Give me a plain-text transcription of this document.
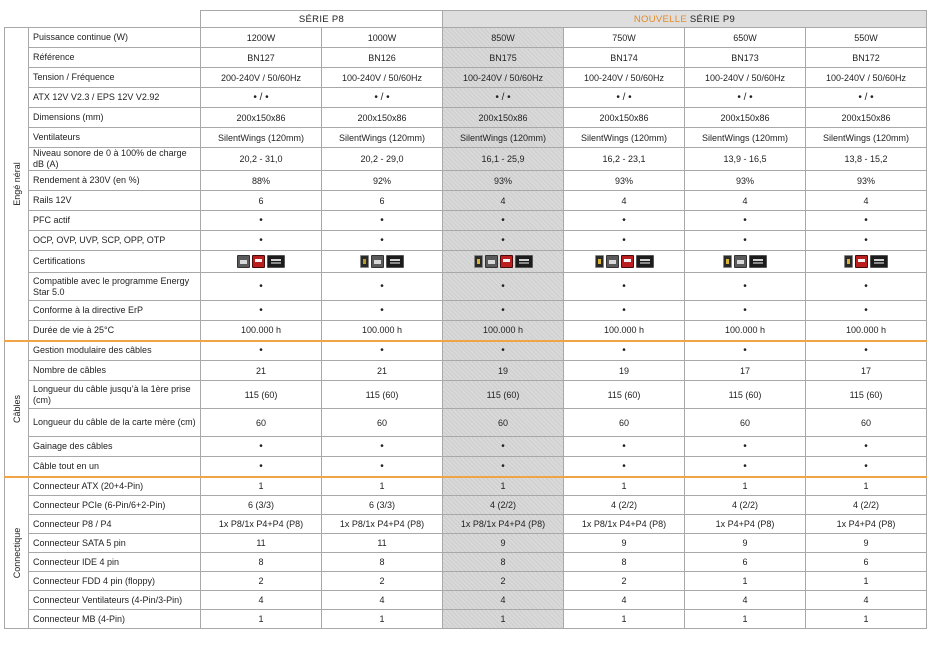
		SÉRIE P8		NOUVELLE SÉRIE P9			

Engé néral	Puissance continue (W)	1200W	1000W	850W	750W	650W	550W
	Référence	BN127	BN126	BN175	BN174	BN173	BN172
	Tension / Fréquence	200-240V / 50/60Hz	100-240V / 50/60Hz	100-240V / 50/60Hz	100-240V / 50/60Hz	100-240V / 50/60Hz	100-240V / 50/60Hz
	ATX 12V V2.3 / EPS 12V V2.92	• / •	• / •	• / •	• / •	• / •	• / •
	Dimensions (mm)	200x150x86	200x150x86	200x150x86	200x150x86	200x150x86	200x150x86
	Ventilateurs	SilentWings (120mm)	SilentWings (120mm)	SilentWings (120mm)	SilentWings (120mm)	SilentWings (120mm)	SilentWings (120mm)
	Niveau sonore de 0 à 100% de charge dB (A)	20,2 - 31,0	20,2 - 29,0	16,1 - 25,9	16,2 - 23,1	13,9 - 16,5	13,8 - 15,2
	Rendement à 230V (en %)	88%	92%	93%	93%	93%	93%
	Rails 12V	6	6	4	4	4	4
	PFC actif	•	•	•	•	•	•
	OCP, OVP, UVP, SCP, OPP, OTP	•	•	•	•	•	•
	Certifications	

	Compatible avec le programme Energy Star 5.0	•	•	•	•	•	•
	Conforme à la directive ErP	•	•	•	•	•	•
	Durée de vie à 25°C	100.000 h	100.000 h	100.000 h	100.000 h	100.000 h	100.000 h

Câbles	Gestion modulaire des câbles	•	•	•	•	•	•
	Nombre de câbles	21	21	19	19	17	17
	Longueur du câble jusqu’à la 1ère prise (cm)	115 (60)	115 (60)	115 (60)	115 (60)	115 (60)	115 (60)
	Longueur du câble de la carte mère (cm)	60	60	60	60	60	60
	Gainage des câbles	•	•	•	•	•	•
	Câble tout en un	•	•	•	•	•	•

Connectique	Connecteur ATX (20+4-Pin)	1	1	1	1	1	1
	Connecteur PCIe (6-Pin/6+2-Pin)	6 (3/3)	6 (3/3)	4 (2/2)	4 (2/2)	4 (2/2)	4 (2/2)
	Connecteur P8 / P4	1x P8/1x P4+P4 (P8)	1x P8/1x P4+P4 (P8)	1x P8/1x P4+P4 (P8)	1x P8/1x P4+P4 (P8)	1x P4+P4 (P8)	1x P4+P4 (P8)
	Connecteur SATA 5 pin	11	11	9	9	9	9
	Connecteur IDE 4 pin	8	8	8	8	6	6
	Connecteur FDD 4 pin (floppy)	2	2	2	2	1	1
	Connecteur Ventilateurs (4-Pin/3-Pin)	4	4	4	4	4	4
	Connecteur MB (4-Pin)	1	1	1	1	1	1
